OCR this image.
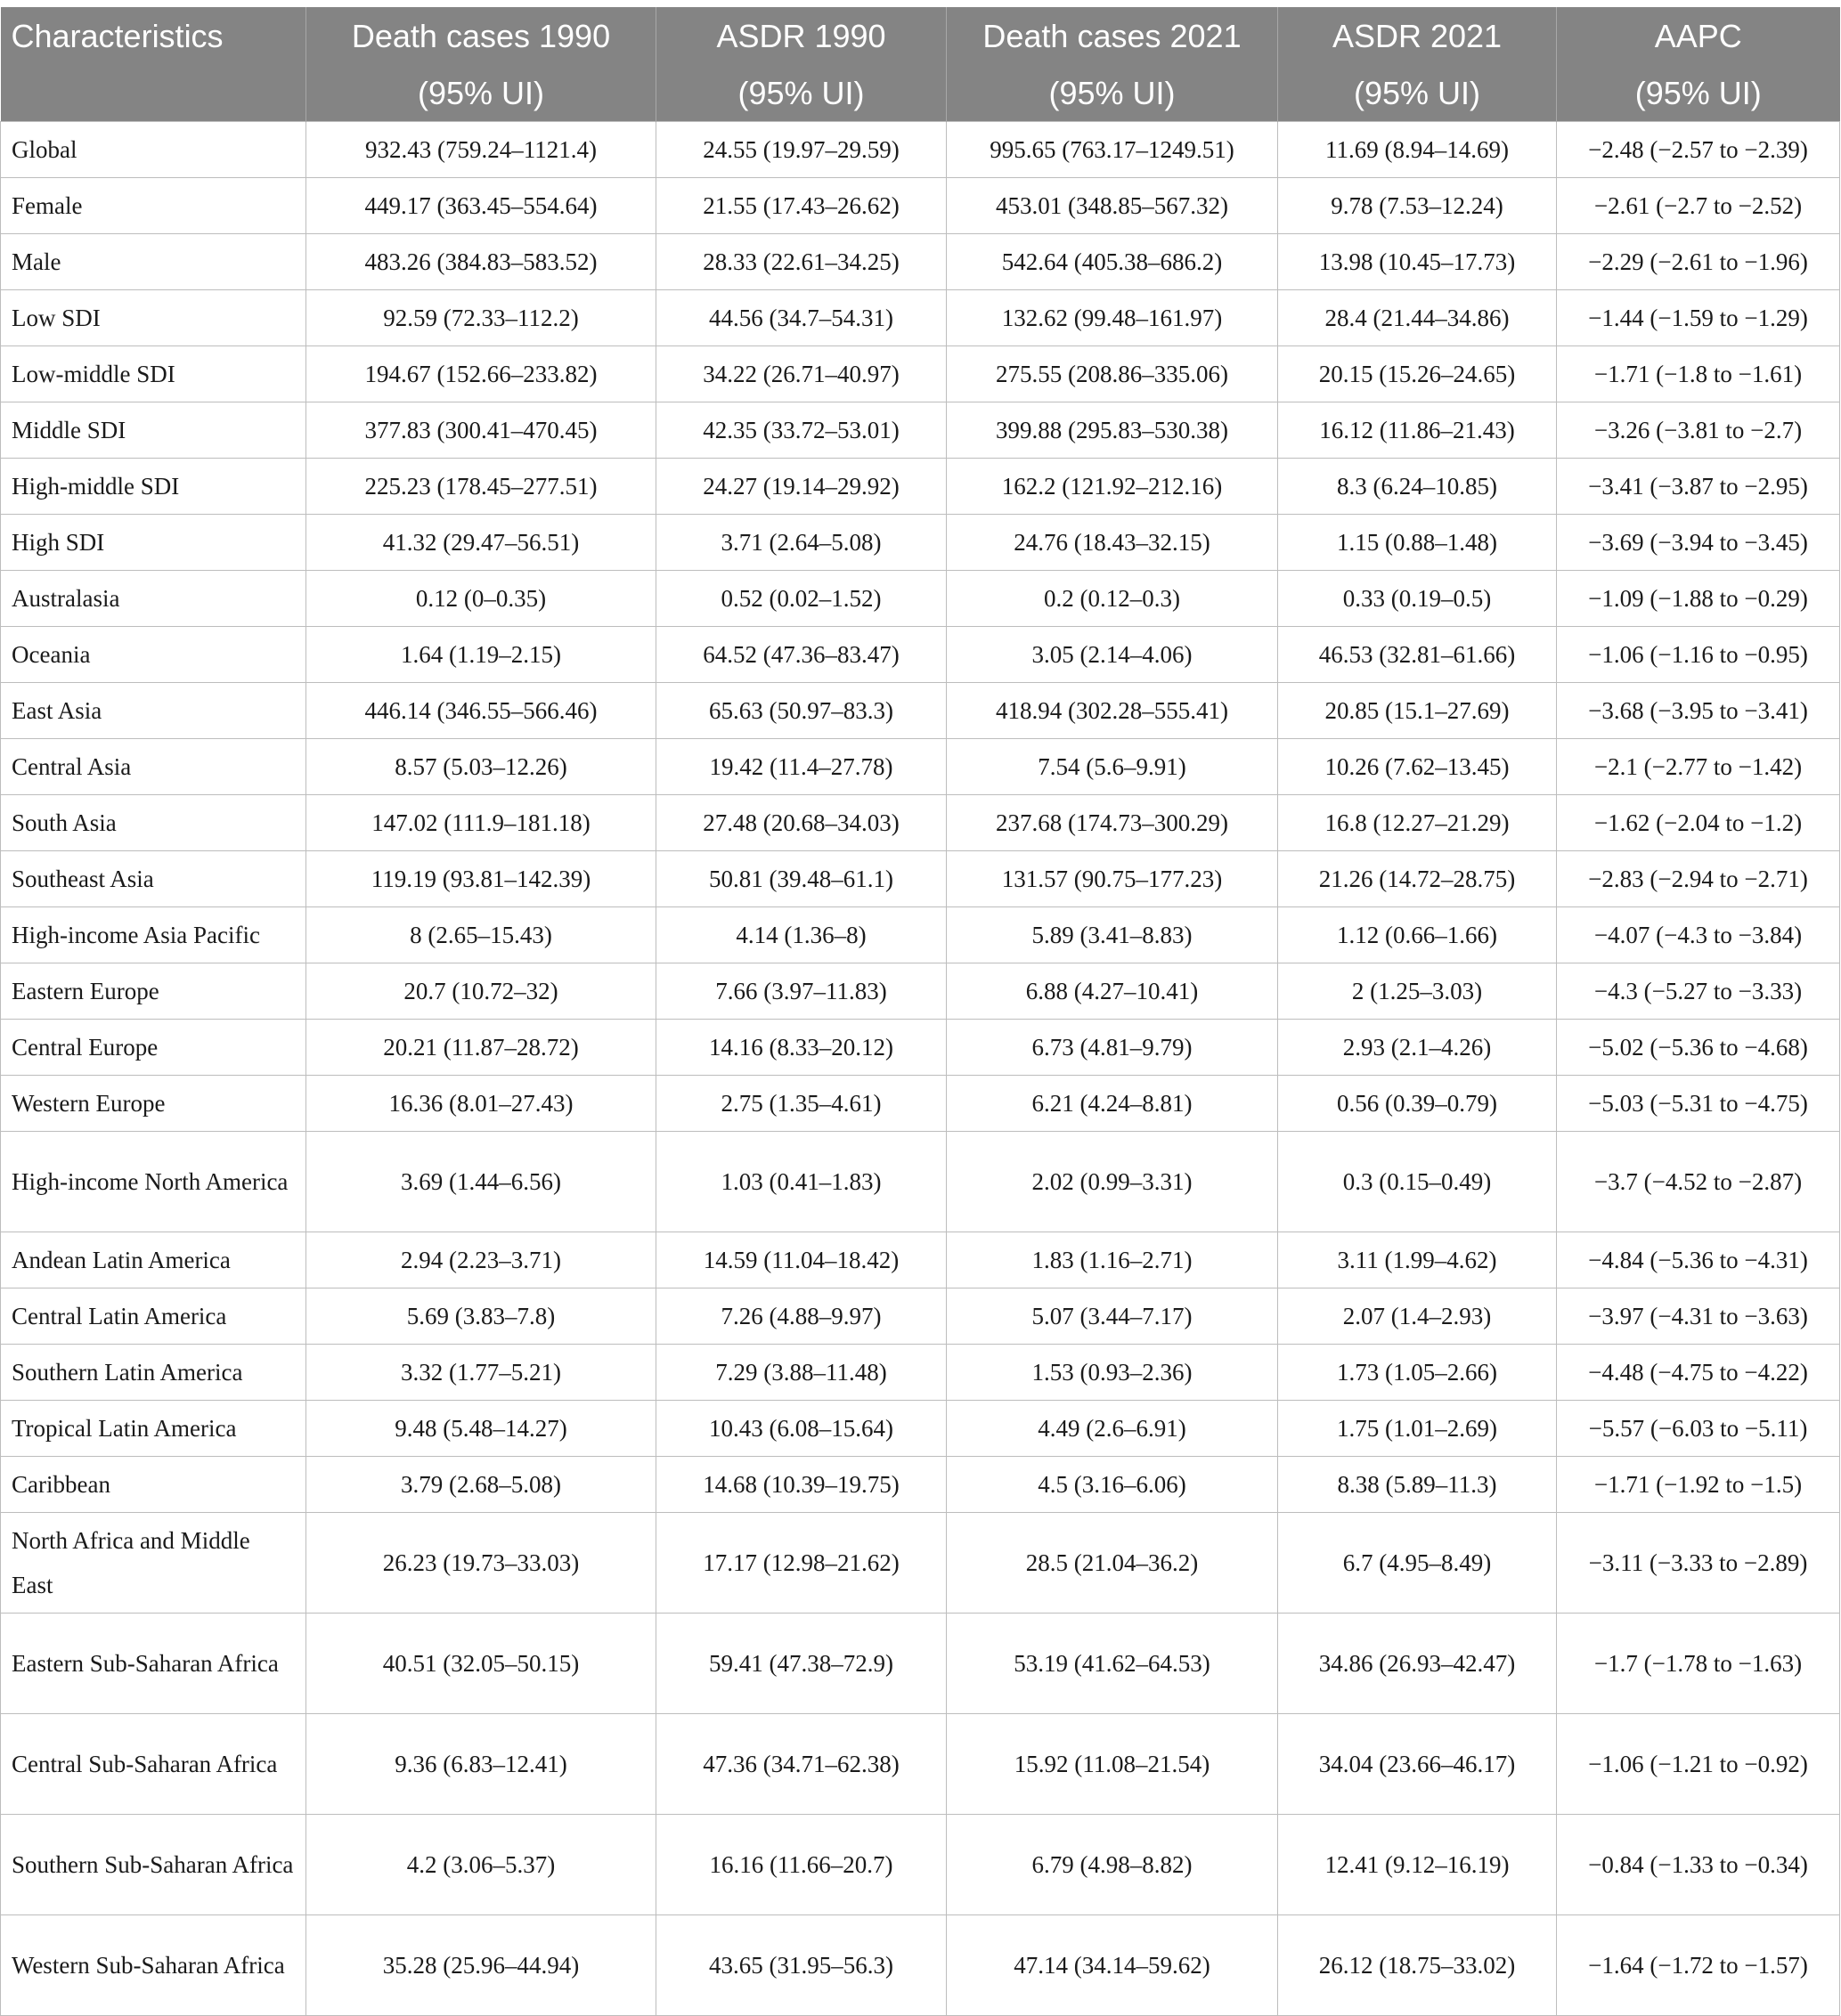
Characteristics	Death cases 1990	ASDR 1990	Death cases 2021	ASDR 2021	AAPC
	(95% UI)	(95% UI)	(95% UI)	(95% UI)	(95% UI)
Global	932.43 (759.24–1121.4)	24.55 (19.97–29.59)	995.65 (763.17–1249.51)	11.69 (8.94–14.69)	−2.48 (−2.57 to −2.39)
Female	449.17 (363.45–554.64)	21.55 (17.43–26.62)	453.01 (348.85–567.32)	9.78 (7.53–12.24)	−2.61 (−2.7 to −2.52)
Male	483.26 (384.83–583.52)	28.33 (22.61–34.25)	542.64 (405.38–686.2)	13.98 (10.45–17.73)	−2.29 (−2.61 to −1.96)
Low SDI	92.59 (72.33–112.2)	44.56 (34.7–54.31)	132.62 (99.48–161.97)	28.4 (21.44–34.86)	−1.44 (−1.59 to −1.29)
Low-middle SDI	194.67 (152.66–233.82)	34.22 (26.71–40.97)	275.55 (208.86–335.06)	20.15 (15.26–24.65)	−1.71 (−1.8 to −1.61)
Middle SDI	377.83 (300.41–470.45)	42.35 (33.72–53.01)	399.88 (295.83–530.38)	16.12 (11.86–21.43)	−3.26 (−3.81 to −2.7)
High-middle SDI	225.23 (178.45–277.51)	24.27 (19.14–29.92)	162.2 (121.92–212.16)	8.3 (6.24–10.85)	−3.41 (−3.87 to −2.95)
High SDI	41.32 (29.47–56.51)	3.71 (2.64–5.08)	24.76 (18.43–32.15)	1.15 (0.88–1.48)	−3.69 (−3.94 to −3.45)
Australasia	0.12 (0–0.35)	0.52 (0.02–1.52)	0.2 (0.12–0.3)	0.33 (0.19–0.5)	−1.09 (−1.88 to −0.29)
Oceania	1.64 (1.19–2.15)	64.52 (47.36–83.47)	3.05 (2.14–4.06)	46.53 (32.81–61.66)	−1.06 (−1.16 to −0.95)
East Asia	446.14 (346.55–566.46)	65.63 (50.97–83.3)	418.94 (302.28–555.41)	20.85 (15.1–27.69)	−3.68 (−3.95 to −3.41)
Central Asia	8.57 (5.03–12.26)	19.42 (11.4–27.78)	7.54 (5.6–9.91)	10.26 (7.62–13.45)	−2.1 (−2.77 to −1.42)
South Asia	147.02 (111.9–181.18)	27.48 (20.68–34.03)	237.68 (174.73–300.29)	16.8 (12.27–21.29)	−1.62 (−2.04 to −1.2)
Southeast Asia	119.19 (93.81–142.39)	50.81 (39.48–61.1)	131.57 (90.75–177.23)	21.26 (14.72–28.75)	−2.83 (−2.94 to −2.71)
High-income Asia Pacific	8 (2.65–15.43)	4.14 (1.36–8)	5.89 (3.41–8.83)	1.12 (0.66–1.66)	−4.07 (−4.3 to −3.84)
Eastern Europe	20.7 (10.72–32)	7.66 (3.97–11.83)	6.88 (4.27–10.41)	2 (1.25–3.03)	−4.3 (−5.27 to −3.33)
Central Europe	20.21 (11.87–28.72)	14.16 (8.33–20.12)	6.73 (4.81–9.79)	2.93 (2.1–4.26)	−5.02 (−5.36 to −4.68)
Western Europe	16.36 (8.01–27.43)	2.75 (1.35–4.61)	6.21 (4.24–8.81)	0.56 (0.39–0.79)	−5.03 (−5.31 to −4.75)
High-income North America	3.69 (1.44–6.56)	1.03 (0.41–1.83)	2.02 (0.99–3.31)	0.3 (0.15–0.49)	−3.7 (−4.52 to −2.87)
Andean Latin America	2.94 (2.23–3.71)	14.59 (11.04–18.42)	1.83 (1.16–2.71)	3.11 (1.99–4.62)	−4.84 (−5.36 to −4.31)
Central Latin America	5.69 (3.83–7.8)	7.26 (4.88–9.97)	5.07 (3.44–7.17)	2.07 (1.4–2.93)	−3.97 (−4.31 to −3.63)
Southern Latin America	3.32 (1.77–5.21)	7.29 (3.88–11.48)	1.53 (0.93–2.36)	1.73 (1.05–2.66)	−4.48 (−4.75 to −4.22)
Tropical Latin America	9.48 (5.48–14.27)	10.43 (6.08–15.64)	4.49 (2.6–6.91)	1.75 (1.01–2.69)	−5.57 (−6.03 to −5.11)
Caribbean	3.79 (2.68–5.08)	14.68 (10.39–19.75)	4.5 (3.16–6.06)	8.38 (5.89–11.3)	−1.71 (−1.92 to −1.5)
North Africa and Middle East	26.23 (19.73–33.03)	17.17 (12.98–21.62)	28.5 (21.04–36.2)	6.7 (4.95–8.49)	−3.11 (−3.33 to −2.89)
Eastern Sub-Saharan Africa	40.51 (32.05–50.15)	59.41 (47.38–72.9)	53.19 (41.62–64.53)	34.86 (26.93–42.47)	−1.7 (−1.78 to −1.63)
Central Sub-Saharan Africa	9.36 (6.83–12.41)	47.36 (34.71–62.38)	15.92 (11.08–21.54)	34.04 (23.66–46.17)	−1.06 (−1.21 to −0.92)
Southern Sub-Saharan Africa	4.2 (3.06–5.37)	16.16 (11.66–20.7)	6.79 (4.98–8.82)	12.41 (9.12–16.19)	−0.84 (−1.33 to −0.34)
Western Sub-Saharan Africa	35.28 (25.96–44.94)	43.65 (31.95–56.3)	47.14 (34.14–59.62)	26.12 (18.75–33.02)	−1.64 (−1.72 to −1.57)
